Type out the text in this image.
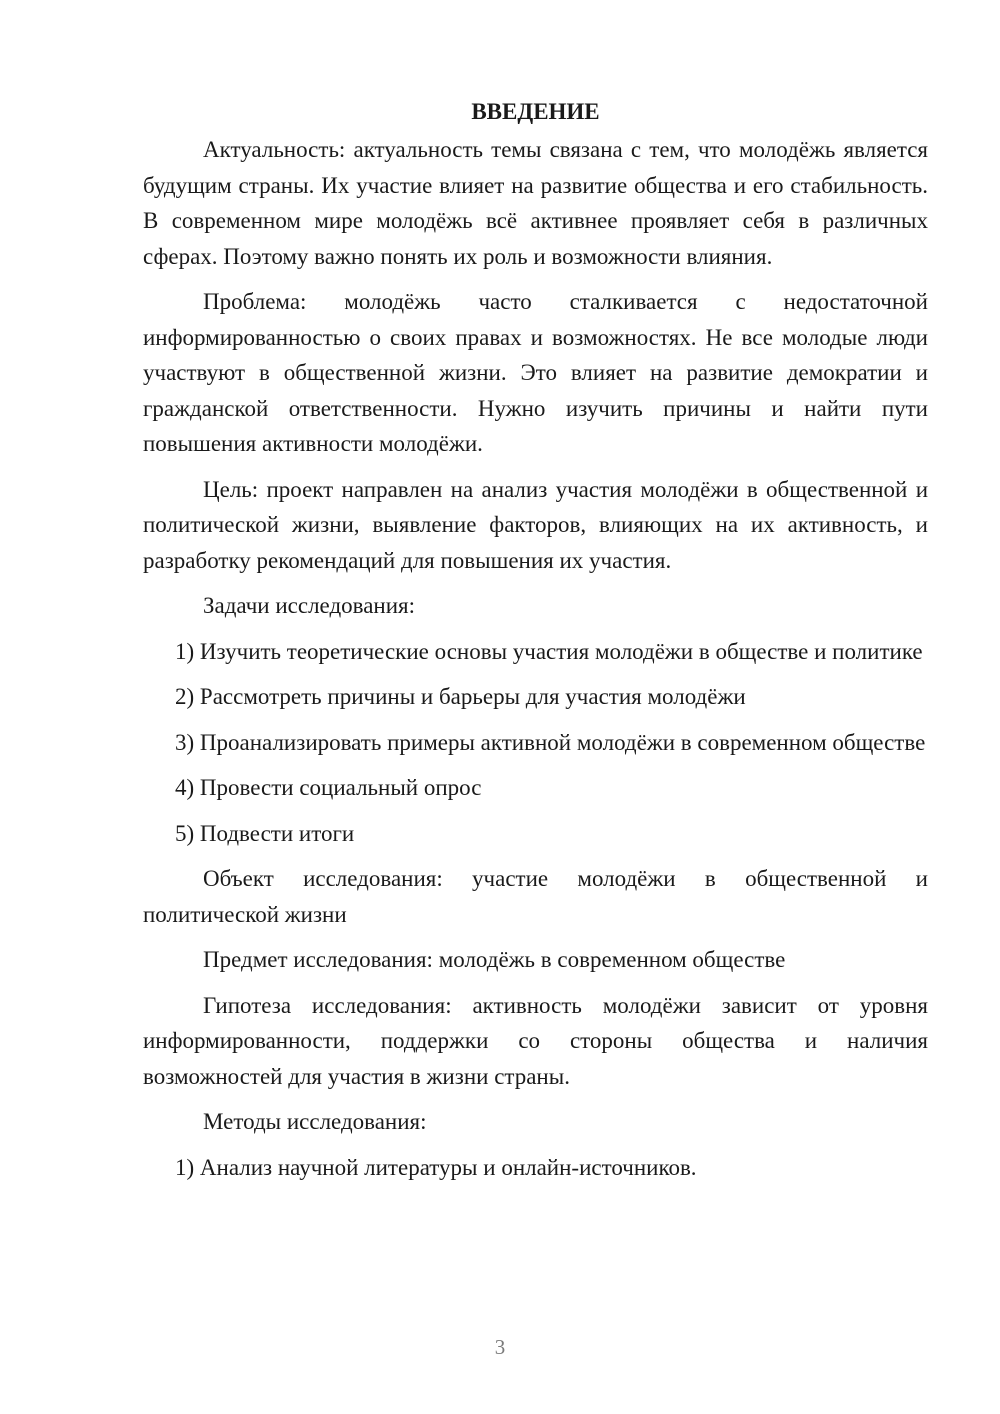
ВВЕДЕНИЕ

Актуальность: актуальность темы связана с тем, что молодёжь является будущим страны. Их участие влияет на развитие общества и его стабильность. В современном мире молодёжь всё активнее проявляет себя в различных сферах. Поэтому важно понять их роль и возможности влияния.

Проблема: молодёжь часто сталкивается с недостаточной информированностью о своих правах и возможностях. Не все молодые люди участвуют в общественной жизни. Это влияет на развитие демократии и гражданской ответственности. Нужно изучить причины и найти пути повышения активности молодёжи.

Цель: проект направлен на анализ участия молодёжи в общественной и политической жизни, выявление факторов, влияющих на их активность, и разработку рекомендаций для повышения их участия.

Задачи исследования:

1) Изучить теоретические основы участия молодёжи в обществе и политике

2) Рассмотреть причины и барьеры для участия молодёжи

3) Проанализировать примеры активной молодёжи в современном обществе

4) Провести социальный опрос

5) Подвести итоги

Объект исследования: участие молодёжи в общественной и политической жизни

Предмет исследования: молодёжь в современном обществе

Гипотеза исследования: активность молодёжи зависит от уровня информированности, поддержки со стороны общества и наличия возможностей для участия в жизни страны.

Методы исследования:

1) Анализ научной литературы и онлайн-источников.

3
